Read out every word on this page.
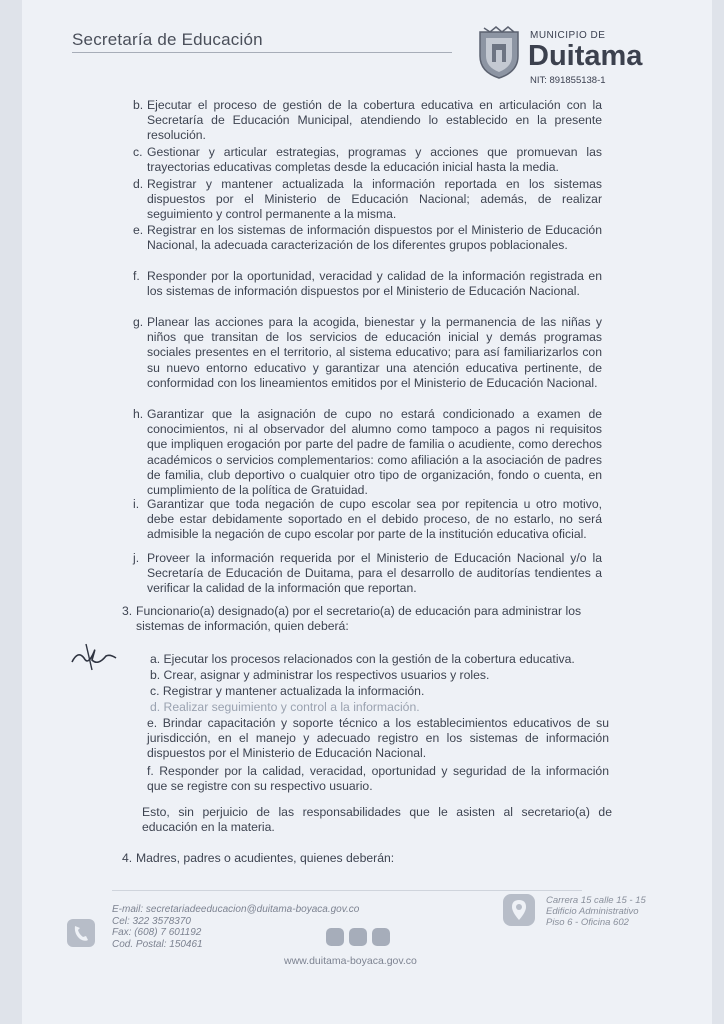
Secretaría de Educación	MUNICIPIO DE
Duitama
NIT: 891855138-1
b. Ejecutar el proceso de gestión de la cobertura educativa en articulación con la Secretaría de Educación Municipal, atendiendo lo establecido en la presente resolución.
c. Gestionar y articular estrategias, programas y acciones que promuevan las trayectorias educativas completas desde la educación inicial hasta la media.
d. Registrar y mantener actualizada la información reportada en los sistemas dispuestos por el Ministerio de Educación Nacional; además, de realizar seguimiento y control permanente a la misma.
e. Registrar en los sistemas de información dispuestos por el Ministerio de Educación Nacional, la adecuada caracterización de los diferentes grupos poblacionales.
f. Responder por la oportunidad, veracidad y calidad de la información registrada en los sistemas de información dispuestos por el Ministerio de Educación Nacional.
g. Planear las acciones para la acogida, bienestar y la permanencia de las niñas y niños que transitan de los servicios de educación inicial y demás programas sociales presentes en el territorio, al sistema educativo; para así familiarizarlos con su nuevo entorno educativo y garantizar una atención educativa pertinente, de conformidad con los lineamientos emitidos por el Ministerio de Educación Nacional.
h. Garantizar que la asignación de cupo no estará condicionado a examen de conocimientos, ni al observador del alumno como tampoco a pagos ni requisitos que impliquen erogación por parte del padre de familia o acudiente, como derechos académicos o servicios complementarios: como afiliación a la asociación de padres de familia, club deportivo o cualquier otro tipo de organización, fondo o cuenta, en cumplimiento de la política de Gratuidad.
i. Garantizar que toda negación de cupo escolar sea por repitencia u otro motivo, debe estar debidamente soportado en el debido proceso, de no estarlo, no será admisible la negación de cupo escolar por parte de la institución educativa oficial.
j. Proveer la información requerida por el Ministerio de Educación Nacional y/o la Secretaría de Educación de Duitama, para el desarrollo de auditorías tendientes a verificar la calidad de la información que reportan.
3. Funcionario(a) designado(a) por el secretario(a) de educación para administrar los sistemas de información, quien deberá:
a. Ejecutar los procesos relacionados con la gestión de la cobertura educativa.
b. Crear, asignar y administrar los respectivos usuarios y roles.
c. Registrar y mantener actualizada la información.
d. Realizar seguimiento y control a la información.
e. Brindar capacitación y soporte técnico a los establecimientos educativos de su jurisdicción, en el manejo y adecuado registro en los sistemas de información dispuestos por el Ministerio de Educación Nacional.
f. Responder por la calidad, veracidad, oportunidad y seguridad de la información que se registre con su respectivo usuario.
Esto, sin perjuicio de las responsabilidades que le asisten al secretario(a) de educación en la materia.
4. Madres, padres o acudientes, quienes deberán:
E-mail: secretariadeeducacion@duitama-boyaca.gov.co
Cel: 322 3578370
Fax: (608) 7 601192
Cod. Postal: 150461
www.duitama-boyaca.gov.co
Carrera 15 calle 15 - 15
Edificio Administrativo
Piso 6 - Oficina 602
